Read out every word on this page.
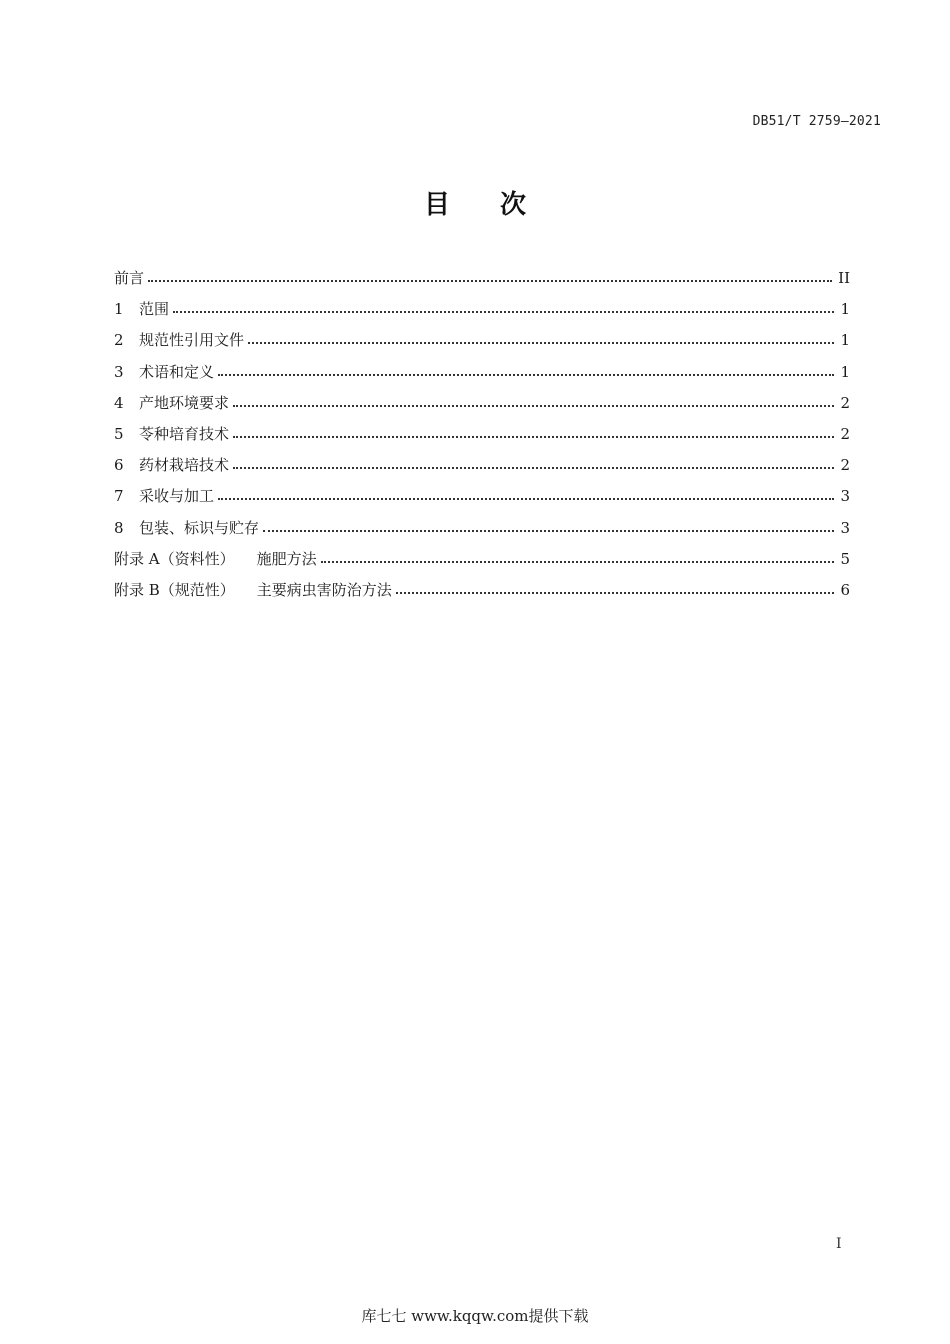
DB51/T 2759—2021
目次
前言	II
1	范围	1
2	规范性引用文件	1
3	术语和定义	1
4	产地环境要求	2
5	苓种培育技术	2
6	药材栽培技术	2
7	采收与加工	3
8	包装、标识与贮存	3
附录 A（资料性） 施肥方法	5
附录 B（规范性） 主要病虫害防治方法	6
I
库七七 www.kqqw.com提供下载
